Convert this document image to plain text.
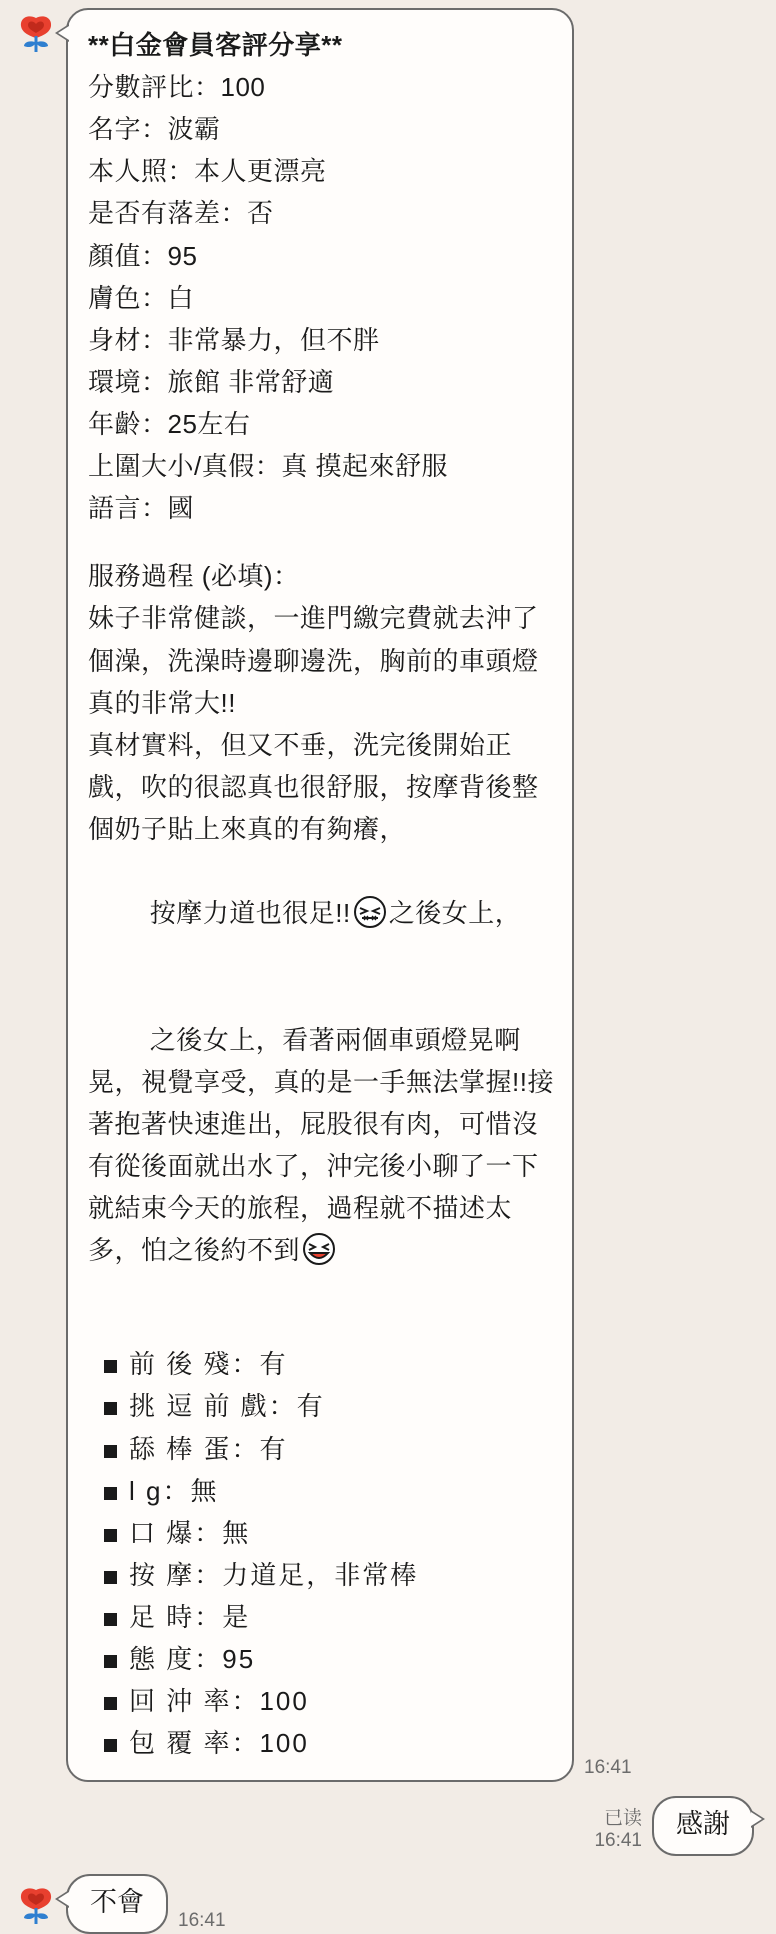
**白金會員客評分享**
分數評比：100
名字：波霸
本人照：本人更漂亮
是否有落差：否
顏值：95
膚色：白
身材：非常暴力，但不胖
環境：旅館 非常舒適
年齡：25左右
上圍大小/真假：真 摸起來舒服
語言：國
服務過程 (必填)：
妹子非常健談，一進門繳完費就去沖了個澡，洗澡時邊聊邊洗，胸前的車頭燈真的非常大!!
真材實料，但又不垂，洗完後開始正戲，吹的很認真也很舒服，按摩背後整個奶子貼上來真的有夠癢，

按摩力道也很足!! 之後女上，

之後女上，看著兩個車頭燈晃啊晃，視覺享受，真的是一手無法掌握!!接著抱著快速進出，屁股很有肉，可惜沒有從後面就出水了，沖完後小聊了一下就結束今天的旅程，過程就不描述太多，怕之後約不到

前 後 殘： 有
挑 逗 前 戲： 有
舔 棒 蛋： 有
l g： 無
口 爆： 無
按 摩： 力道足，非常棒
足 時： 是
態 度： 95
回 沖 率： 100
包 覆 率： 100
16:41
已读
16:41
感謝
不會
16:41
